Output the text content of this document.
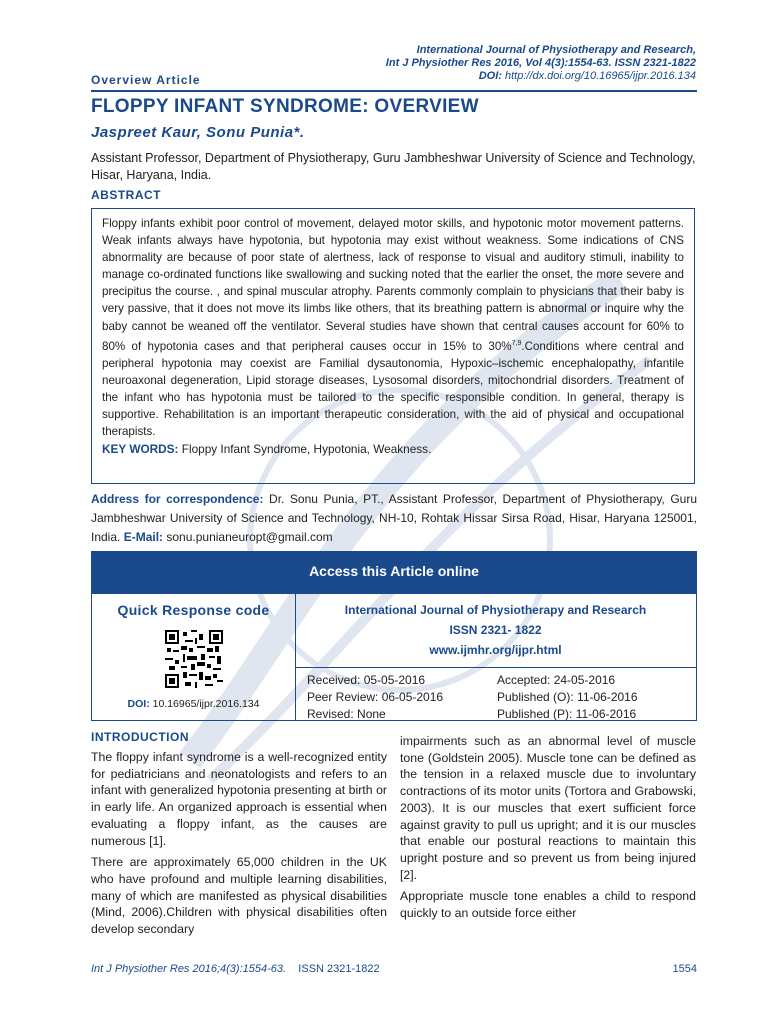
International Journal of Physiotherapy and Research,
Int J Physiother Res 2016, Vol 4(3):1554-63. ISSN 2321-1822
DOI: http://dx.doi.org/10.16965/ijpr.2016.134
Overview Article
FLOPPY INFANT SYNDROME: OVERVIEW
Jaspreet Kaur, Sonu Punia*.
Assistant Professor, Department of Physiotherapy, Guru Jambheshwar University of Science and Technology, Hisar, Haryana, India.
ABSTRACT
Floppy infants exhibit poor control of movement, delayed motor skills, and hypotonic motor movement patterns. Weak infants always have hypotonia, but hypotonia may exist without weakness. Some indications of CNS abnormality are because of poor state of alertness, lack of response to visual and auditory stimuli, inability to manage co-ordinated functions like swallowing and sucking noted that the earlier the onset, the more severe and precipitus the course. , and spinal muscular atrophy. Parents commonly complain to physicians that their baby is very passive, that it does not move its limbs like others, that its breathing pattern is abnormal or inquire why the baby cannot be weaned off the ventilator. Several studies have shown that central causes account for 60% to 80% of hypotonia cases and that peripheral causes occur in 15% to 30%$^{7,9}$.Conditions where central and peripheral hypotonia may coexist are Familial dysautonomia, Hypoxic–ischemic encephalopathy, infantile neuroaxonal degeneration, Lipid storage diseases, Lysosomal disorders, mitochondrial disorders. Treatment of the infant who has hypotonia must be tailored to the specific responsible condition. In general, therapy is supportive. Rehabilitation is an important therapeutic consideration, with the aid of physical and occupational therapists.
KEY WORDS: Floppy Infant Syndrome, Hypotonia, Weakness.
Address for correspondence: Dr. Sonu Punia, PT., Assistant Professor, Department of Physiotherapy, Guru Jambheshwar University of Science and Technology, NH-10, Rohtak Hissar Sirsa Road, Hisar, Haryana 125001, India. E-Mail: sonu.punianeuropt@gmail.com
Access this Article online
Quick Response code
DOI: 10.16965/ijpr.2016.134
International Journal of Physiotherapy and Research
ISSN 2321- 1822
www.ijmhr.org/ijpr.html
Received: 05-05-2016	Accepted: 24-05-2016
Peer Review: 06-05-2016	Published (O): 11-06-2016
Revised: None	Published (P): 11-06-2016
INTRODUCTION

The floppy infant syndrome is a well-recognized entity for pediatricians and neonatologists and refers to an infant with generalized hypotonia presenting at birth or in early life. An organized approach is essential when evaluating a floppy infant, as the causes are numerous [1].

There are approximately 65,000 children in the UK who have profound and multiple learning disabilities, many of which are manifested as physical disabilities (Mind, 2006).Children with physical disabilities often develop secondary

impairments such as an abnormal level of muscle tone (Goldstein 2005). Muscle tone can be defined as the tension in a relaxed muscle due to involuntary contractions of its motor units (Tortora and Grabowski, 2003). It is our muscles that exert sufficient force against gravity to pull us upright; and it is our muscles that enable our postural reactions to maintain this upright posture and so prevent us from being injured [2].

Appropriate muscle tone enables a child to respond quickly to an outside force either

Int J Physiother Res 2016;4(3):1554-63. ISSN 2321-1822	1554
